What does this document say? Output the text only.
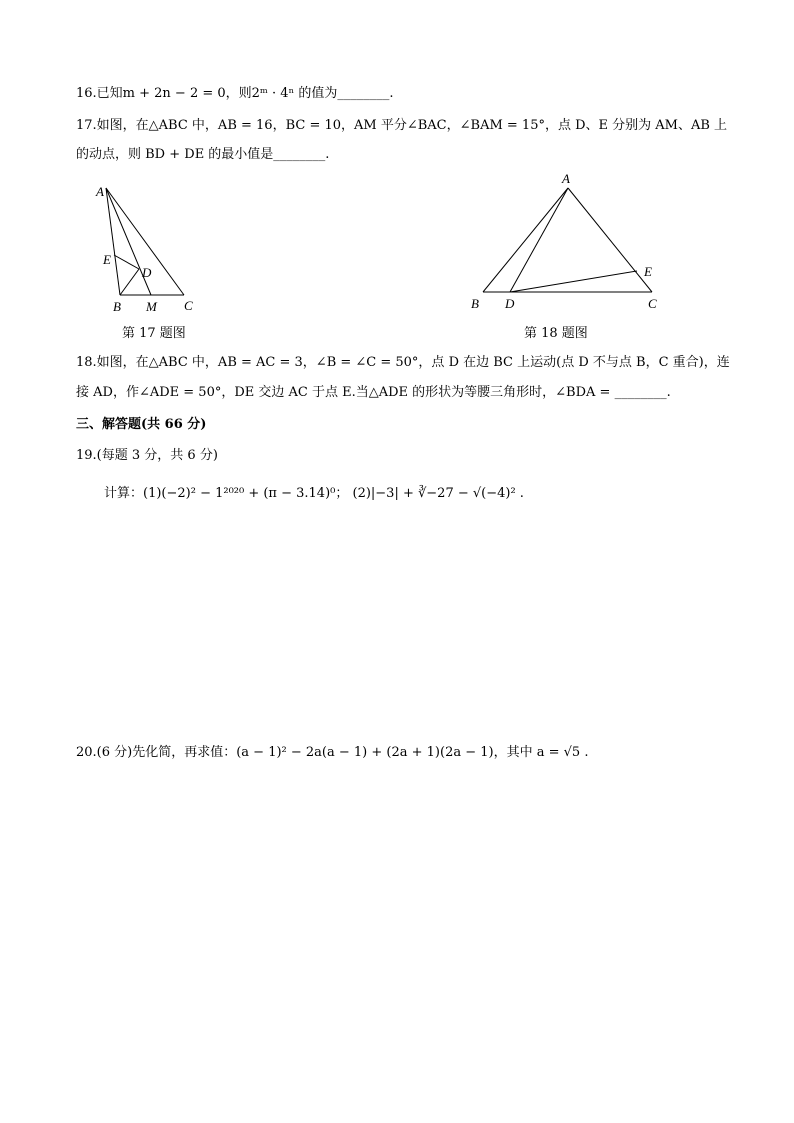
16.已知m + 2n − 2 = 0，则2ᵐ · 4ⁿ 的值为________.
17.如图，在△ABC 中，AB = 16，BC = 10，AM 平分∠BAC，∠BAM = 15°，点 D、E 分别为 AM、AB 上
的动点，则 BD + DE 的最小值是________.
A
E
D
B M C
第 17 题图
A
E
B D	C
第 18 题图
18.如图，在△ABC 中，AB = AC = 3，∠B = ∠C = 50°，点 D 在边 BC 上运动(点 D 不与点 B，C 重合)，连
接 AD，作∠ADE = 50°，DE 交边 AC 于点 E.当△ADE 的形状为等腰三角形时，∠BDA = ________.
三、解答题(共 66 分)
19.(每题 3 分，共 6 分)
计算：(1)(−2)² − 1²⁰²⁰ + (π − 3.14)⁰； (2)|−3| + ∛−27 − √(−4)² .
20.(6 分)先化简，再求值：(a − 1)² − 2a(a − 1) + (2a + 1)(2a − 1)，其中 a = √5 .
